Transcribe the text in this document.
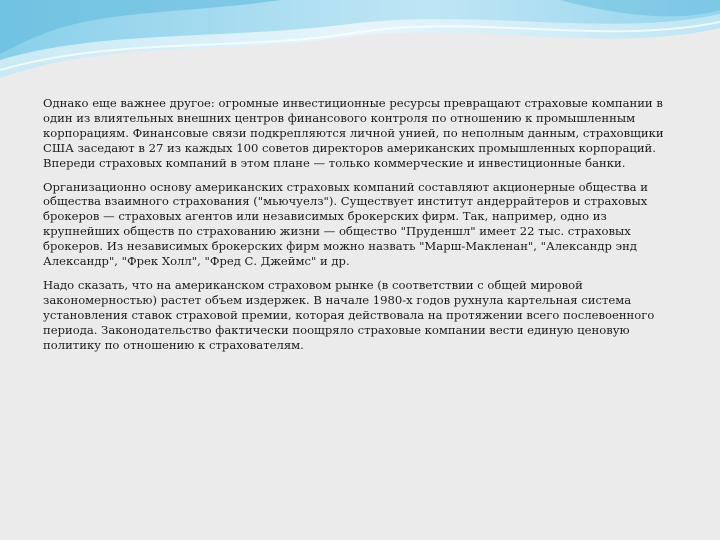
Однако еще важнее другое: огромные инвестиционные ресурсы превращают страховые компании в один из влиятельных внешних центров финансового контроля по отношению к промышленным корпорациям. Финансовые связи подкрепляются личной унией, по неполным данным, страховщики США заседают в 27 из каждых 100 советов директоров американских промышленных корпораций. Впереди страховых компаний в этом плане — только коммерческие и инвестиционные банки.

Организационно основу американских страховых компаний составляют акционерные общества и общества взаимного страхования ("мьючуелз"). Существует институт андеррайтеров и страховых брокеров — страховых агентов или независимых брокерских фирм. Так, например, одно из крупнейших обществ по страхованию жизни — общество "Пруденшл" имеет 22 тыс. страховых брокеров. Из независимых брокерских фирм можно назвать "Марш-Макленан", "Александр энд Александр", "Фрек Холл", "Фред С. Джеймс" и др.

Надо сказать, что на американском страховом рынке (в соответствии с общей мировой закономерностью) растет объем издержек. В начале 1980-х годов рухнула картельная система установления ставок страховой премии, которая действовала на протяжении всего послевоенного периода. Законодательство фактически поощряло страховые компании вести единую ценовую политику по отношению к страхователям.
